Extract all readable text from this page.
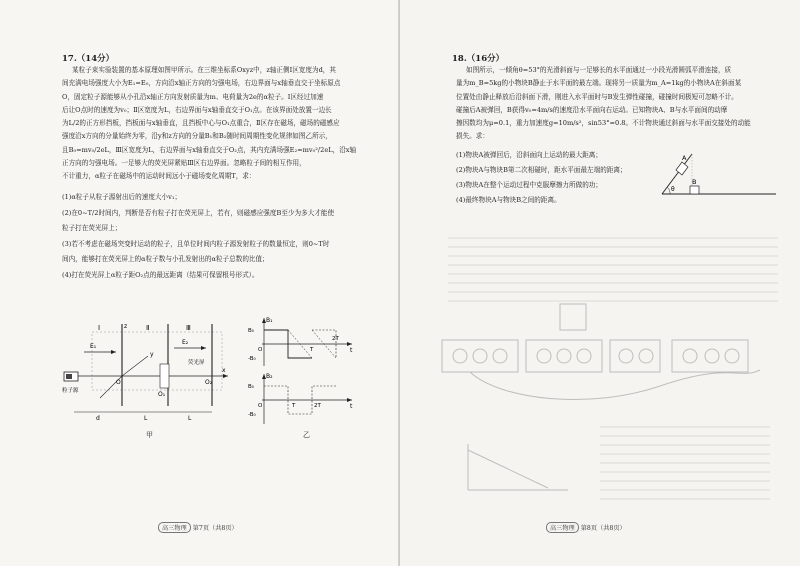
17.（14分）

某粒子束实验装置的基本原理如图甲所示。在三维坐标系Oxyz中，z轴正侧Ⅰ区宽度为d，其

间充满电场强度大小为E₁=E₀，方向沿x轴正方向的匀强电场，右边界面与x轴垂直交于坐标原点

O，固定粒子源能够从小孔沿x轴正方向发射质量为m、电荷量为2e的α粒子。Ⅰ区经过加速

后让O点时的速度为v₀；Ⅱ区宽度为L，右边界面与x轴垂直交于O₁点。在该界面处放置一边长

为L/2的正方形挡板，挡板面与x轴垂直，且挡板中心与O₁点重合，Ⅱ区存在磁场，磁场的磁感应

强度沿x方向的分量始终为零，沿y和z方向的分量B₁和B₂随时间周期性变化规律如图乙所示，

且B₀=mv₀/2eL，Ⅲ区宽度为L，右边界面与x轴垂直交于O₂点，其内充满场强E₂=mv₀²/2eL，沿x轴

正方向的匀强电场。一足够大的荧光屏紧贴Ⅲ区右边界面。忽略粒子间的相互作用，

不计重力，α粒子在磁场中的运动时间远小于磁场变化周期T，求：

(1)α粒子从粒子源射出后的速度大小v₁；

(2)在0~T/2时间内，判断是否有粒子打在荧光屏上，若有，则磁感应强度B至少为多大才能使

粒子打在荧光屏上；

(3)若不考虑在磁场突变时运动的粒子，且单位时间内粒子源发射粒子的数量恒定，则0~T时

间内，能够打在荧光屏上的α粒子数与小孔发射出的α粒子总数的比值；

(4)打在荧光屏上α粒子距O₂点的最远距离（结果可保留根号形式）。

Ⅰ	Ⅱ	Ⅲ
E₁
E₂
粒子源
荧光屏
x
y
z
O
O₁
O₂
d	L	L
甲
B₁
B₀
-B₀
O	T
2T
t
B₂
B₀
-B₀
O	T	2T	t
乙
高三物理 第7页（共8页）
18.（16分）

如图所示，一倾角θ=53°的光滑斜面与一足够长的水平面通过一小段光滑圆弧平滑连接，质

量为m_B=5kg的小物块B静止于水平面的最左端。现将另一质量为m_A=1kg的小物块A在斜面某

位置处由静止释放后沿斜面下滑，刚进入水平面时与B发生弹性碰撞，碰撞时间极短可忽略不计。

碰撞后A被弹回，B获得v₀=4m/s的速度沿水平面向右运动。已知物块A、B与水平面间的动摩

擦因数均为μ=0.1，重力加速度g=10m/s²，sin53°=0.8。不计物块通过斜面与水平面交接处的动能

损失。求：

(1)物块A被弹回后，沿斜面向上运动的最大距离；

(2)物块A与物块B第二次相碰时，距水平面最左端的距离；

(3)物块A在整个运动过程中克服摩擦力所做的功；

(4)最终物块A与物块B之间的距离。

A
B
θ
高三物理 第8页（共8页）
